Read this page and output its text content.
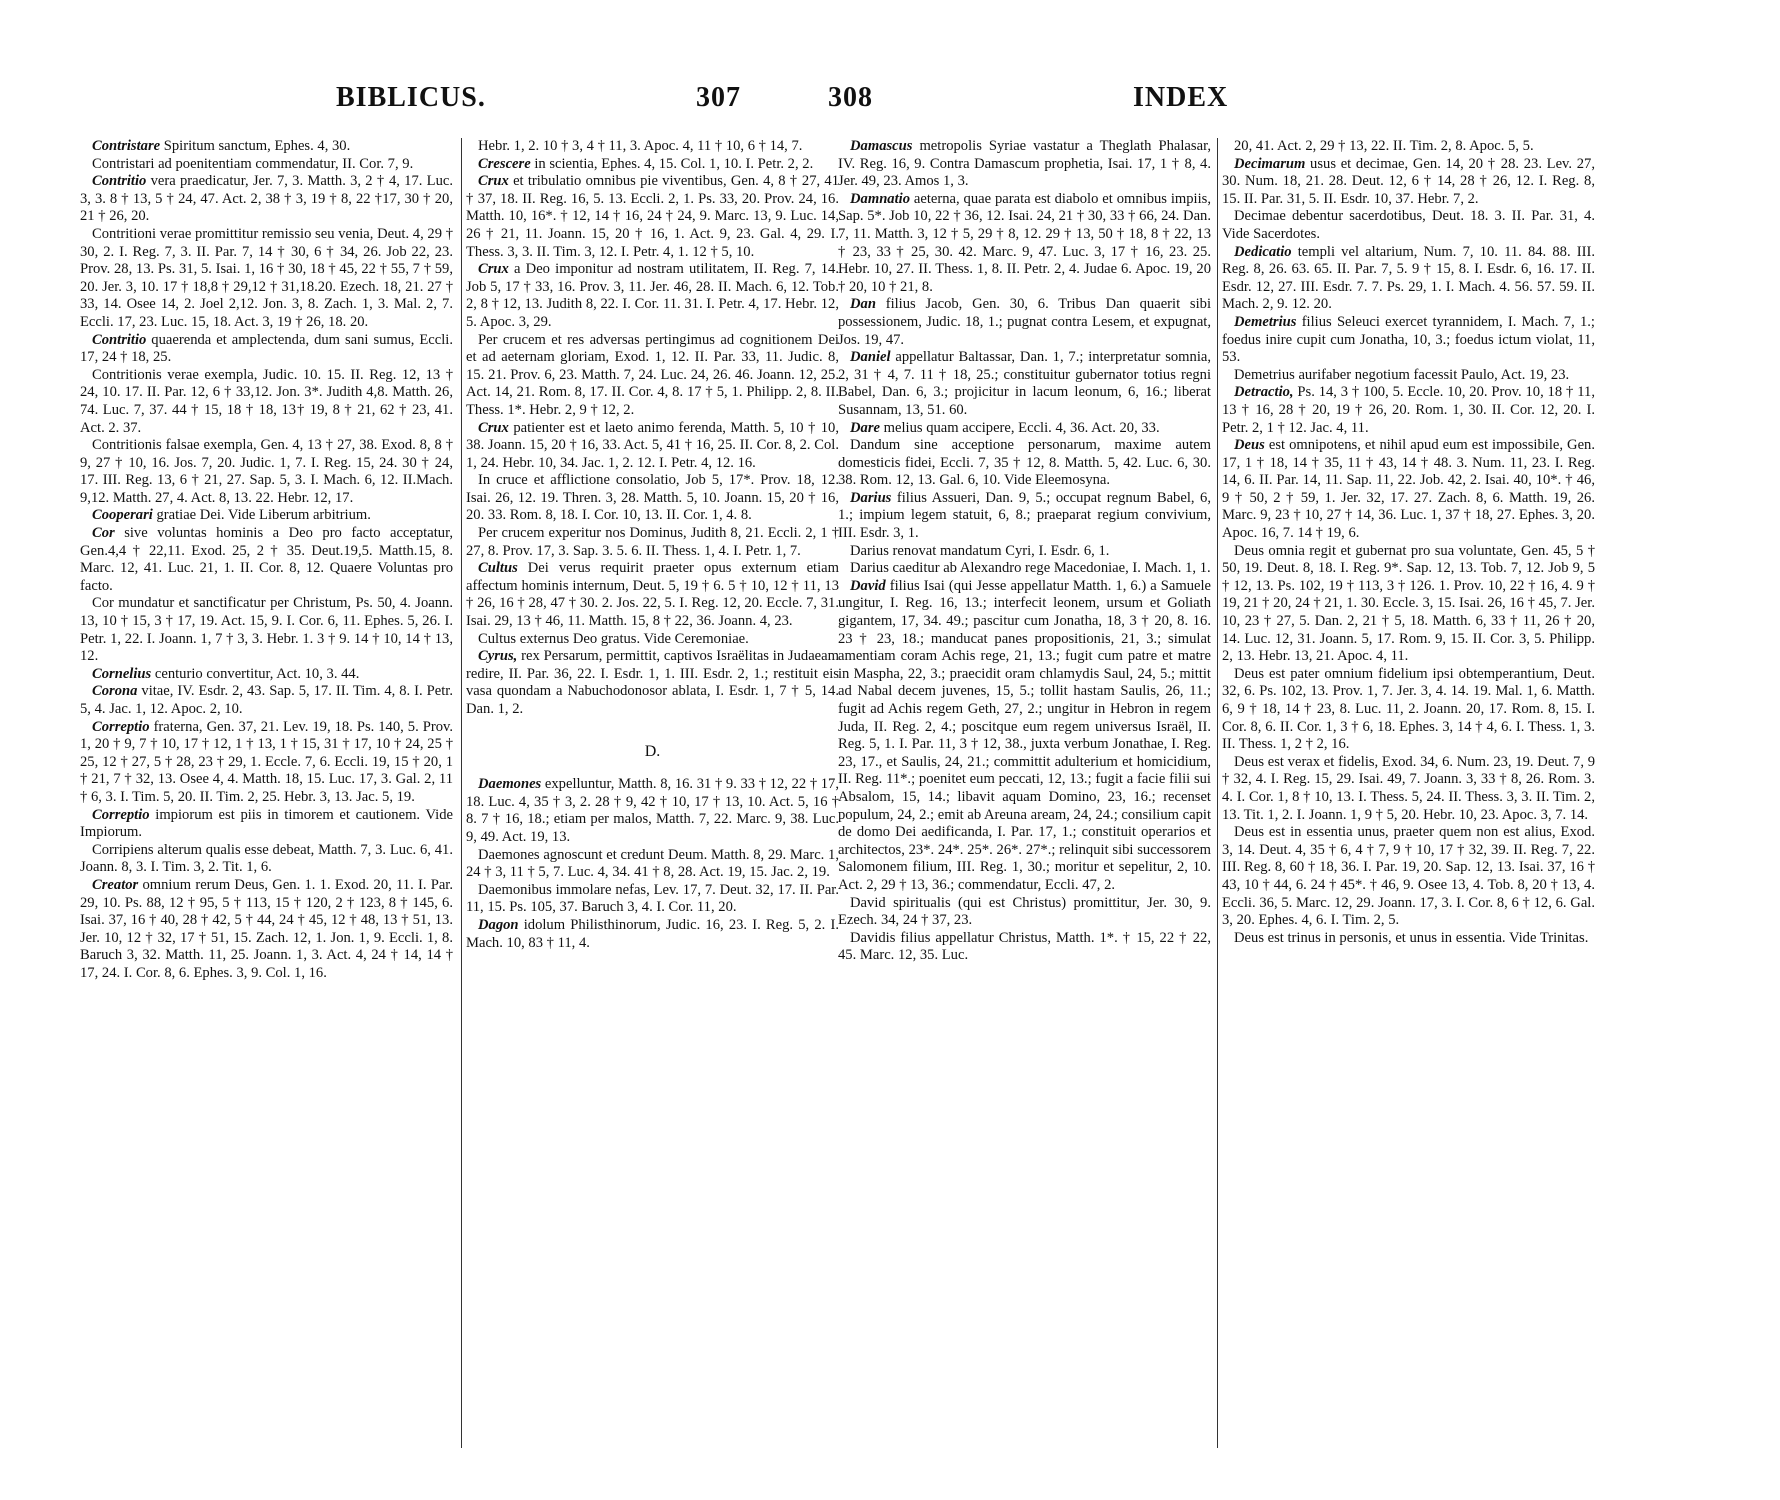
BIBLICUS.	307

Contristare Spiritum sanctum, Ephes. 4, 30.

Contristari ad poenitentiam commendatur, II. Cor. 7, 9.

Contritio vera praedicatur, Jer. 7, 3. Matth. 3, 2 † 4, 17. Luc. 3, 3. 8 † 13, 5 † 24, 47. Act. 2, 38 † 3, 19 † 8, 22 †17, 30 † 20, 21 † 26, 20.

Contritioni verae promittitur remissio seu venia, Deut. 4, 29 † 30, 2. I. Reg. 7, 3. II. Par. 7, 14 † 30, 6 † 34, 26. Job 22, 23. Prov. 28, 13. Ps. 31, 5. Isai. 1, 16 † 30, 18 † 45, 22 † 55, 7 † 59, 20. Jer. 3, 10. 17 † 18,8 † 29,12 † 31,18.20. Ezech. 18, 21. 27 † 33, 14. Osee 14, 2. Joel 2,12. Jon. 3, 8. Zach. 1, 3. Mal. 2, 7. Eccli. 17, 23. Luc. 15, 18. Act. 3, 19 † 26, 18. 20.

Contritio quaerenda et amplectenda, dum sani sumus, Eccli. 17, 24 † 18, 25.

Contritionis verae exempla, Judic. 10. 15. II. Reg. 12, 13 † 24, 10. 17. II. Par. 12, 6 † 33,12. Jon. 3*. Judith 4,8. Matth. 26, 74. Luc. 7, 37. 44 † 15, 18 † 18, 13† 19, 8 † 21, 62 † 23, 41. Act. 2. 37.

Contritionis falsae exempla, Gen. 4, 13 † 27, 38. Exod. 8, 8 † 9, 27 † 10, 16. Jos. 7, 20. Judic. 1, 7. I. Reg. 15, 24. 30 † 24, 17. III. Reg. 13, 6 † 21, 27. Sap. 5, 3. I. Mach. 6, 12. II.Mach. 9,12. Matth. 27, 4. Act. 8, 13. 22. Hebr. 12, 17.

Cooperari gratiae Dei. Vide Liberum arbitrium.

Cor sive voluntas hominis a Deo pro facto acceptatur, Gen.4,4 † 22,11. Exod. 25, 2 † 35. Deut.19,5. Matth.15, 8. Marc. 12, 41. Luc. 21, 1. II. Cor. 8, 12. Quaere Voluntas pro facto.

Cor mundatur et sanctificatur per Christum, Ps. 50, 4. Joann. 13, 10 † 15, 3 † 17, 19. Act. 15, 9. I. Cor. 6, 11. Ephes. 5, 26. I. Petr. 1, 22. I. Joann. 1, 7 † 3, 3. Hebr. 1. 3 † 9. 14 † 10, 14 † 13, 12.

Cornelius centurio convertitur, Act. 10, 3. 44.

Corona vitae, IV. Esdr. 2, 43. Sap. 5, 17. II. Tim. 4, 8. I. Petr. 5, 4. Jac. 1, 12. Apoc. 2, 10.

Correptio fraterna, Gen. 37, 21. Lev. 19, 18. Ps. 140, 5. Prov. 1, 20 † 9, 7 † 10, 17 † 12, 1 † 13, 1 † 15, 31 † 17, 10 † 24, 25 † 25, 12 † 27, 5 † 28, 23 † 29, 1. Eccle. 7, 6. Eccli. 19, 15 † 20, 1 † 21, 7 † 32, 13. Osee 4, 4. Matth. 18, 15. Luc. 17, 3. Gal. 2, 11 † 6, 3. I. Tim. 5, 20. II. Tim. 2, 25. Hebr. 3, 13. Jac. 5, 19.

Correptio impiorum est piis in timorem et cautionem. Vide Impiorum.

Corripiens alterum qualis esse debeat, Matth. 7, 3. Luc. 6, 41. Joann. 8, 3. I. Tim. 3, 2. Tit. 1, 6.

Creator omnium rerum Deus, Gen. 1. 1. Exod. 20, 11. I. Par. 29, 10. Ps. 88, 12 † 95, 5 † 113, 15 † 120, 2 † 123, 8 † 145, 6. Isai. 37, 16 † 40, 28 † 42, 5 † 44, 24 † 45, 12 † 48, 13 † 51, 13. Jer. 10, 12 † 32, 17 † 51, 15. Zach. 12, 1. Jon. 1, 9. Eccli. 1, 8. Baruch 3, 32. Matth. 11, 25. Joann. 1, 3. Act. 4, 24 † 14, 14 † 17, 24. I. Cor. 8, 6. Ephes. 3, 9. Col. 1, 16.

Hebr. 1, 2. 10 † 3, 4 † 11, 3. Apoc. 4, 11 † 10, 6 † 14, 7.

Crescere in scientia, Ephes. 4, 15. Col. 1, 10. I. Petr. 2, 2.

Crux et tribulatio omnibus pie viventibus, Gen. 4, 8 † 27, 41 † 37, 18. II. Reg. 16, 5. 13. Eccli. 2, 1. Ps. 33, 20. Prov. 24, 16. Matth. 10, 16*. † 12, 14 † 16, 24 † 24, 9. Marc. 13, 9. Luc. 14, 26 † 21, 11. Joann. 15, 20 † 16, 1. Act. 9, 23. Gal. 4, 29. I. Thess. 3, 3. II. Tim. 3, 12. I. Petr. 4, 1. 12 † 5, 10.

Crux a Deo imponitur ad nostram utilitatem, II. Reg. 7, 14. Job 5, 17 † 33, 16. Prov. 3, 11. Jer. 46, 28. II. Mach. 6, 12. Tob. 2, 8 † 12, 13. Judith 8, 22. I. Cor. 11. 31. I. Petr. 4, 17. Hebr. 12, 5. Apoc. 3, 29.

Per crucem et res adversas pertingimus ad cognitionem Dei et ad aeternam gloriam, Exod. 1, 12. II. Par. 33, 11. Judic. 8, 15. 21. Prov. 6, 23. Matth. 7, 24. Luc. 24, 26. 46. Joann. 12, 25. Act. 14, 21. Rom. 8, 17. II. Cor. 4, 8. 17 † 5, 1. Philipp. 2, 8. II. Thess. 1*. Hebr. 2, 9 † 12, 2.

Crux patienter est et laeto animo ferenda, Matth. 5, 10 † 10, 38. Joann. 15, 20 † 16, 33. Act. 5, 41 † 16, 25. II. Cor. 8, 2. Col. 1, 24. Hebr. 10, 34. Jac. 1, 2. 12. I. Petr. 4, 12. 16.

In cruce et afflictione consolatio, Job 5, 17*. Prov. 18, 12. Isai. 26, 12. 19. Thren. 3, 28. Matth. 5, 10. Joann. 15, 20 † 16, 20. 33. Rom. 8, 18. I. Cor. 10, 13. II. Cor. 1, 4. 8.

Per crucem experitur nos Dominus, Judith 8, 21. Eccli. 2, 1 † 27, 8. Prov. 17, 3. Sap. 3. 5. 6. II. Thess. 1, 4. I. Petr. 1, 7.

Cultus Dei verus requirit praeter opus externum etiam affectum hominis internum, Deut. 5, 19 † 6. 5 † 10, 12 † 11, 13 † 26, 16 † 28, 47 † 30. 2. Jos. 22, 5. I. Reg. 12, 20. Eccle. 7, 31. Isai. 29, 13 † 46, 11. Matth. 15, 8 † 22, 36. Joann. 4, 23.

Cultus externus Deo gratus. Vide Ceremoniae.

Cyrus, rex Persarum, permittit, captivos Israëlitas in Judaeam redire, II. Par. 36, 22. I. Esdr. 1, 1. III. Esdr. 2, 1.; restituit eis vasa quondam a Nabuchodonosor ablata, I. Esdr. 1, 7 † 5, 14. Dan. 1, 2.

D.

Daemones expelluntur, Matth. 8, 16. 31 † 9. 33 † 12, 22 † 17, 18. Luc. 4, 35 † 3, 2. 28 † 9, 42 † 10, 17 † 13, 10. Act. 5, 16 † 8. 7 † 16, 18.; etiam per malos, Matth. 7, 22. Marc. 9, 38. Luc. 9, 49. Act. 19, 13.

Daemones agnoscunt et credunt Deum. Matth. 8, 29. Marc. 1, 24 † 3, 11 † 5, 7. Luc. 4, 34. 41 † 8, 28. Act. 19, 15. Jac. 2, 19.

Daemonibus immolare nefas, Lev. 17, 7. Deut. 32, 17. II. Par. 11, 15. Ps. 105, 37. Baruch 3, 4. I. Cor. 11, 20.

Dagon idolum Philisthinorum, Judic. 16, 23. I. Reg. 5, 2. I. Mach. 10, 83 † 11, 4.

308	INDEX

Damascus metropolis Syriae vastatur a Theglath Phalasar, IV. Reg. 16, 9. Contra Damascum prophetia, Isai. 17, 1 † 8, 4. Jer. 49, 23. Amos 1, 3.

Damnatio aeterna, quae parata est diabolo et omnibus impiis, Sap. 5*. Job 10, 22 † 36, 12. Isai. 24, 21 † 30, 33 † 66, 24. Dan. 7, 11. Matth. 3, 12 † 5, 29 † 8, 12. 29 † 13, 50 † 18, 8 † 22, 13 † 23, 33 † 25, 30. 42. Marc. 9, 47. Luc. 3, 17 † 16, 23. 25. Hebr. 10, 27. II. Thess. 1, 8. II. Petr. 2, 4. Judae 6. Apoc. 19, 20 † 20, 10 † 21, 8.

Dan filius Jacob, Gen. 30, 6. Tribus Dan quaerit sibi possessionem, Judic. 18, 1.; pugnat contra Lesem, et expugnat, Jos. 19, 47.

Daniel appellatur Baltassar, Dan. 1, 7.; interpretatur somnia, 2, 31 † 4, 7. 11 † 18, 25.; constituitur gubernator totius regni Babel, Dan. 6, 3.; projicitur in lacum leonum, 6, 16.; liberat Susannam, 13, 51. 60.

Dare melius quam accipere, Eccli. 4, 36. Act. 20, 33.

Dandum sine acceptione personarum, maxime autem domesticis fidei, Eccli. 7, 35 † 12, 8. Matth. 5, 42. Luc. 6, 30. 38. Rom. 12, 13. Gal. 6, 10. Vide Eleemosyna.

Darius filius Assueri, Dan. 9, 5.; occupat regnum Babel, 6, 1.; impium legem statuit, 6, 8.; praeparat regium convivium, III. Esdr. 3, 1.

Darius renovat mandatum Cyri, I. Esdr. 6, 1.

Darius caeditur ab Alexandro rege Macedoniae, I. Mach. 1, 1.

David filius Isai (qui Jesse appellatur Matth. 1, 6.) a Samuele ungitur, I. Reg. 16, 13.; interfecit leonem, ursum et Goliath gigantem, 17, 34. 49.; pascitur cum Jonatha, 18, 3 † 20, 8. 16. 23 † 23, 18.; manducat panes propositionis, 21, 3.; simulat amentiam coram Achis rege, 21, 13.; fugit cum patre et matre in Maspha, 22, 3.; praecidit oram chlamydis Saul, 24, 5.; mittit ad Nabal decem juvenes, 15, 5.; tollit hastam Saulis, 26, 11.; fugit ad Achis regem Geth, 27, 2.; ungitur in Hebron in regem Juda, II. Reg. 2, 4.; poscitque eum regem universus Israël, II. Reg. 5, 1. I. Par. 11, 3 † 12, 38., juxta verbum Jonathae, I. Reg. 23, 17., et Saulis, 24, 21.; committit adulterium et homicidium, II. Reg. 11*.; poenitet eum peccati, 12, 13.; fugit a facie filii sui Absalom, 15, 14.; libavit aquam Domino, 23, 16.; recenset populum, 24, 2.; emit ab Areuna aream, 24, 24.; consilium capit de domo Dei aedificanda, I. Par. 17, 1.; constituit operarios et architectos, 23*. 24*. 25*. 26*. 27*.; relinquit sibi successorem Salomonem filium, III. Reg. 1, 30.; moritur et sepelitur, 2, 10. Act. 2, 29 † 13, 36.; commendatur, Eccli. 47, 2.

David spiritualis (qui est Christus) promittitur, Jer. 30, 9. Ezech. 34, 24 † 37, 23.

Davidis filius appellatur Christus, Matth. 1*. † 15, 22 † 22, 45. Marc. 12, 35. Luc.

20, 41. Act. 2, 29 † 13, 22. II. Tim. 2, 8. Apoc. 5, 5.

Decimarum usus et decimae, Gen. 14, 20 † 28. 23. Lev. 27, 30. Num. 18, 21. 28. Deut. 12, 6 † 14, 28 † 26, 12. I. Reg. 8, 15. II. Par. 31, 5. II. Esdr. 10, 37. Hebr. 7, 2.

Decimae debentur sacerdotibus, Deut. 18. 3. II. Par. 31, 4. Vide Sacerdotes.

Dedicatio templi vel altarium, Num. 7, 10. 11. 84. 88. III. Reg. 8, 26. 63. 65. II. Par. 7, 5. 9 † 15, 8. I. Esdr. 6, 16. 17. II. Esdr. 12, 27. III. Esdr. 7. 7. Ps. 29, 1. I. Mach. 4. 56. 57. 59. II. Mach. 2, 9. 12. 20.

Demetrius filius Seleuci exercet tyrannidem, I. Mach. 7, 1.; foedus inire cupit cum Jonatha, 10, 3.; foedus ictum violat, 11, 53.

Demetrius aurifaber negotium facessit Paulo, Act. 19, 23.

Detractio, Ps. 14, 3 † 100, 5. Eccle. 10, 20. Prov. 10, 18 † 11, 13 † 16, 28 † 20, 19 † 26, 20. Rom. 1, 30. II. Cor. 12, 20. I. Petr. 2, 1 † 12. Jac. 4, 11.

Deus est omnipotens, et nihil apud eum est impossibile, Gen. 17, 1 † 18, 14 † 35, 11 † 43, 14 † 48. 3. Num. 11, 23. I. Reg. 14, 6. II. Par. 14, 11. Sap. 11, 22. Job. 42, 2. Isai. 40, 10*. † 46, 9 † 50, 2 † 59, 1. Jer. 32, 17. 27. Zach. 8, 6. Matth. 19, 26. Marc. 9, 23 † 10, 27 † 14, 36. Luc. 1, 37 † 18, 27. Ephes. 3, 20. Apoc. 16, 7. 14 † 19, 6.

Deus omnia regit et gubernat pro sua voluntate, Gen. 45, 5 † 50, 19. Deut. 8, 18. I. Reg. 9*. Sap. 12, 13. Tob. 7, 12. Job 9, 5 † 12, 13. Ps. 102, 19 † 113, 3 † 126. 1. Prov. 10, 22 † 16, 4. 9 † 19, 21 † 20, 24 † 21, 1. 30. Eccle. 3, 15. Isai. 26, 16 † 45, 7. Jer. 10, 23 † 27, 5. Dan. 2, 21 † 5, 18. Matth. 6, 33 † 11, 26 † 20, 14. Luc. 12, 31. Joann. 5, 17. Rom. 9, 15. II. Cor. 3, 5. Philipp. 2, 13. Hebr. 13, 21. Apoc. 4, 11.

Deus est pater omnium fidelium ipsi obtemperantium, Deut. 32, 6. Ps. 102, 13. Prov. 1, 7. Jer. 3, 4. 14. 19. Mal. 1, 6. Matth. 6, 9 † 18, 14 † 23, 8. Luc. 11, 2. Joann. 20, 17. Rom. 8, 15. I. Cor. 8, 6. II. Cor. 1, 3 † 6, 18. Ephes. 3, 14 † 4, 6. I. Thess. 1, 3. II. Thess. 1, 2 † 2, 16.

Deus est verax et fidelis, Exod. 34, 6. Num. 23, 19. Deut. 7, 9 † 32, 4. I. Reg. 15, 29. Isai. 49, 7. Joann. 3, 33 † 8, 26. Rom. 3. 4. I. Cor. 1, 8 † 10, 13. I. Thess. 5, 24. II. Thess. 3, 3. II. Tim. 2, 13. Tit. 1, 2. I. Joann. 1, 9 † 5, 20. Hebr. 10, 23. Apoc. 3, 7. 14.

Deus est in essentia unus, praeter quem non est alius, Exod. 3, 14. Deut. 4, 35 † 6, 4 † 7, 9 † 10, 17 † 32, 39. II. Reg. 7, 22. III. Reg. 8, 60 † 18, 36. I. Par. 19, 20. Sap. 12, 13. Isai. 37, 16 † 43, 10 † 44, 6. 24 † 45*. † 46, 9. Osee 13, 4. Tob. 8, 20 † 13, 4. Eccli. 36, 5. Marc. 12, 29. Joann. 17, 3. I. Cor. 8, 6 † 12, 6. Gal. 3, 20. Ephes. 4, 6. I. Tim. 2, 5.

Deus est trinus in personis, et unus in essentia. Vide Trinitas.
